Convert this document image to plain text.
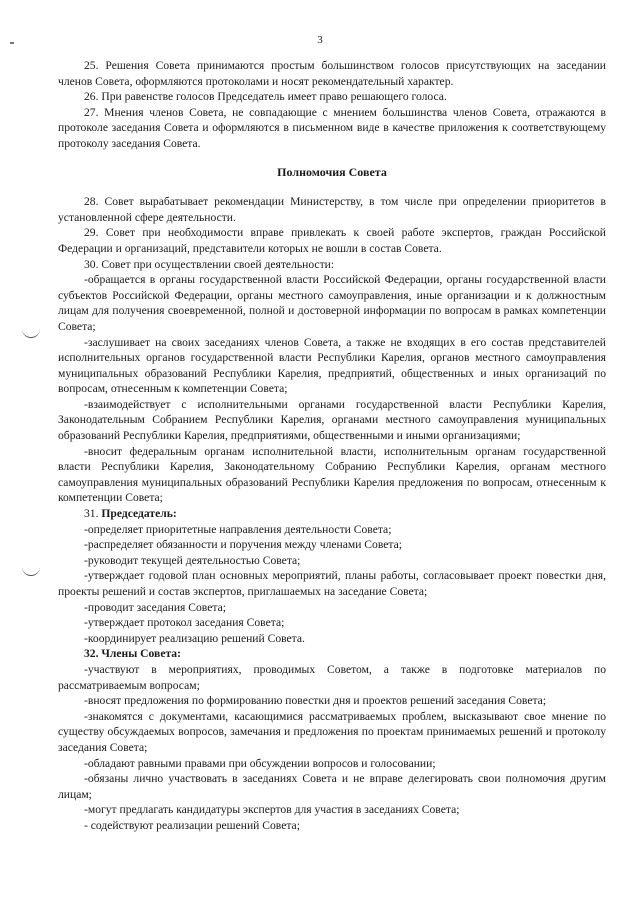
3

25. Решения Совета принимаются простым большинством голосов присутствующих на заседании членов Совета, оформляются протоколами и носят рекомендательный характер.

26. При равенстве голосов Председатель имеет право решающего голоса.

27. Мнения членов Совета, не совпадающие с мнением большинства членов Совета, отражаются в протоколе заседания Совета и оформляются в письменном виде в качестве приложения к соответствующему протоколу заседания Совета.

Полномочия Совета

28. Совет вырабатывает рекомендации Министерству, в том числе при определении приоритетов в установленной сфере деятельности.

29. Совет при необходимости вправе привлекать к своей работе экспертов, граждан Российской Федерации и организаций, представители которых не вошли в состав Совета.

30. Совет при осуществлении своей деятельности:

-обращается в органы государственной власти Российской Федерации, органы государственной власти субъектов Российской Федерации, органы местного самоуправления, иные организации и к должностным лицам для получения своевременной, полной и достоверной информации по вопросам в рамках компетенции Совета;

-заслушивает на своих заседаниях членов Совета, а также не входящих в его состав представителей исполнительных органов государственной власти Республики Карелия, органов местного самоуправления муниципальных образований Республики Карелия, предприятий, общественных и иных организаций по вопросам, отнесенным к компетенции Совета;

-взаимодействует с исполнительными органами государственной власти Республики Карелия, Законодательным Собранием Республики Карелия, органами местного самоуправления муниципальных образований Республики Карелия, предприятиями, общественными и иными организациями;

-вносит федеральным органам исполнительной власти, исполнительным органам государственной власти Республики Карелия, Законодательному Собранию Республики Карелия, органам местного самоуправления муниципальных образований Республики Карелия предложения по вопросам, отнесенным к компетенции Совета;

31. Председатель:

-определяет приоритетные направления деятельности Совета;

-распределяет обязанности и поручения между членами Совета;

-руководит текущей деятельностью Совета;

-утверждает годовой план основных мероприятий, планы работы, согласовывает проект повестки дня, проекты решений и состав экспертов, приглашаемых на заседание Совета;

-проводит заседания Совета;

-утверждает протокол заседания Совета;

-координирует реализацию решений Совета.

32. Члены Совета:

-участвуют в мероприятиях, проводимых Советом, а также в подготовке материалов по рассматриваемым вопросам;

-вносят предложения по формированию повестки дня и проектов решений заседания Совета;

-знакомятся с документами, касающимися рассматриваемых проблем, высказывают свое мнение по существу обсуждаемых вопросов, замечания и предложения по проектам принимаемых решений и протоколу заседания Совета;

-обладают равными правами при обсуждении вопросов и голосовании;

-обязаны лично участвовать в заседаниях Совета и не вправе делегировать свои полномочия другим лицам;

-могут предлагать кандидатуры экспертов для участия в заседаниях Совета;

- содействуют реализации решений Совета;
